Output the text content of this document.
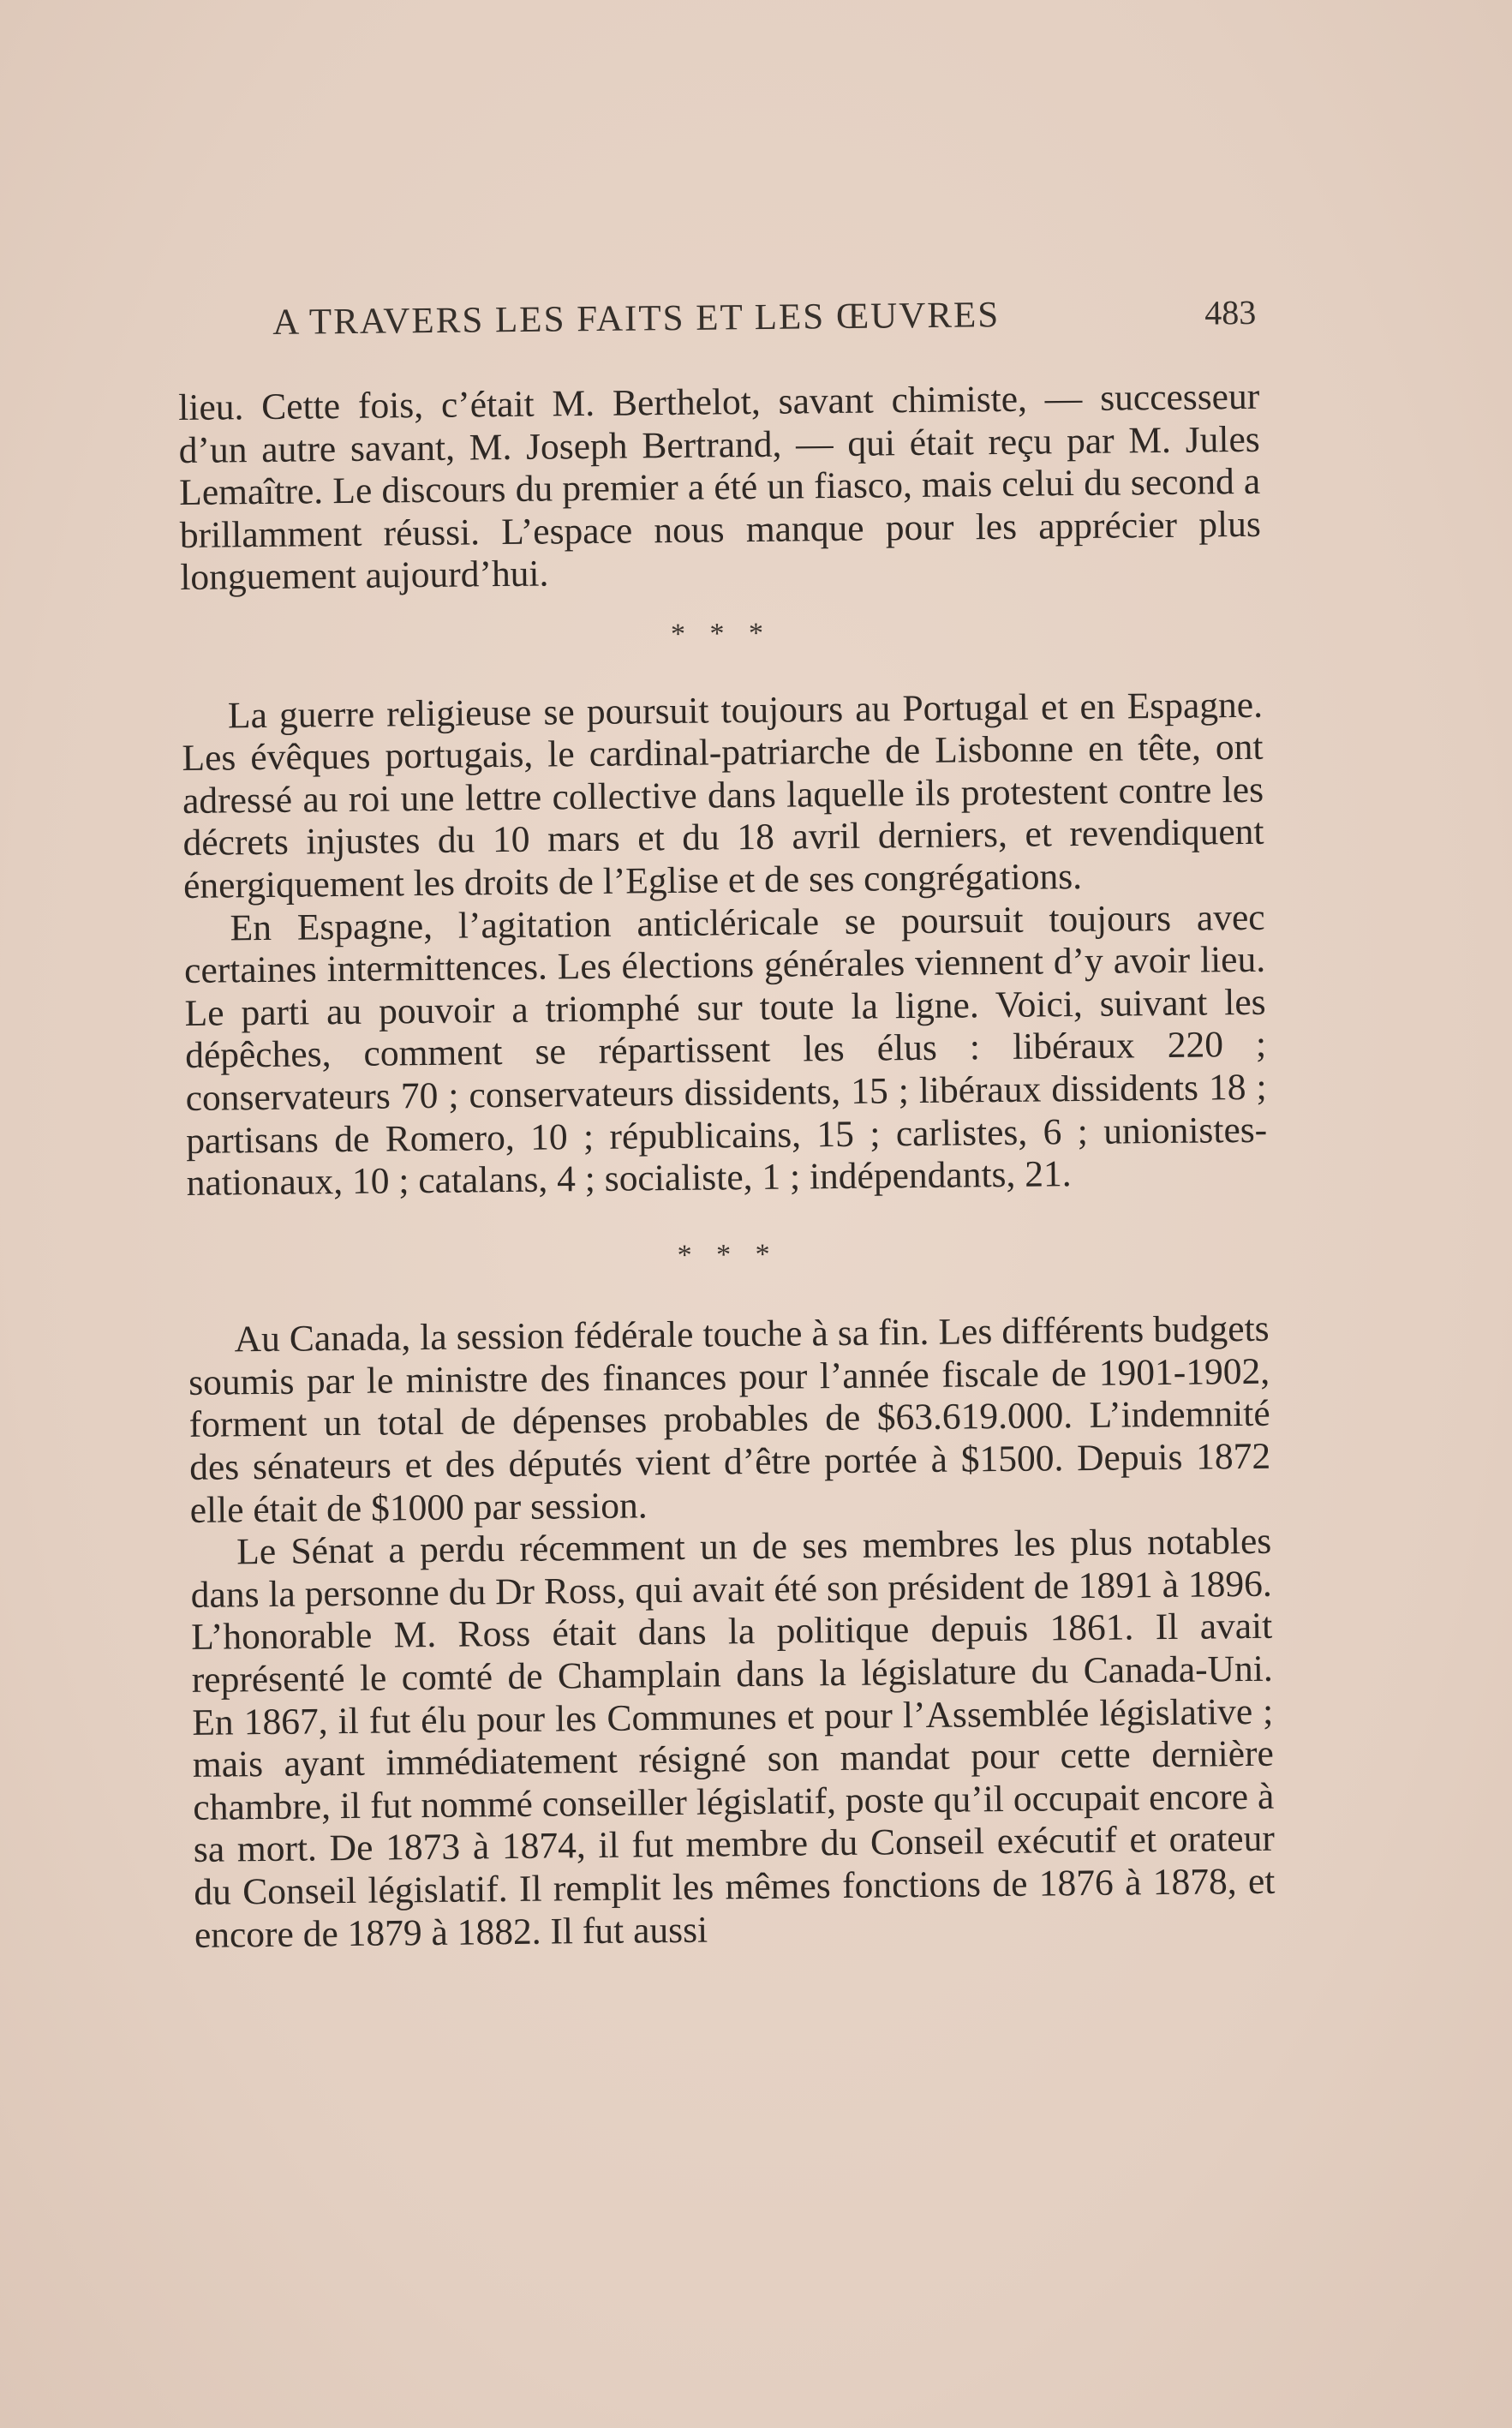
A TRAVERS LES FAITS ET LES ŒUVRES	483

lieu. Cette fois, c’était M. Berthelot, savant chimiste, — successeur d’un autre savant, M. Joseph Bertrand, — qui était reçu par M. Jules Lemaître. Le discours du premier a été un fiasco, mais celui du second a brillamment réussi. L’espace nous manque pour les apprécier plus longuement aujourd’hui.

* * *

La guerre religieuse se poursuit toujours au Portugal et en Espagne. Les évêques portugais, le cardinal-patriarche de Lisbonne en tête, ont adressé au roi une lettre collective dans laquelle ils protestent contre les décrets injustes du 10 mars et du 18 avril derniers, et revendiquent énergiquement les droits de l’Eglise et de ses congrégations.

En Espagne, l’agitation anticléricale se poursuit toujours avec certaines intermittences. Les élections générales viennent d’y avoir lieu. Le parti au pouvoir a triomphé sur toute la ligne. Voici, suivant les dépêches, comment se répartissent les élus : libéraux 220 ; conservateurs 70 ; conservateurs dissidents, 15 ; libéraux dissidents 18 ; partisans de Romero, 10 ; républicains, 15 ; carlistes, 6 ; unionistes-nationaux, 10 ; catalans, 4 ; socialiste, 1 ; indépendants, 21.

* * *

Au Canada, la session fédérale touche à sa fin. Les différents budgets soumis par le ministre des finances pour l’année fiscale de 1901-1902, forment un total de dépenses probables de $63.619.000. L’indemnité des sénateurs et des députés vient d’être portée à $1500. Depuis 1872 elle était de $1000 par session.

Le Sénat a perdu récemment un de ses membres les plus notables dans la personne du Dr Ross, qui avait été son président de 1891 à 1896. L’honorable M. Ross était dans la politique depuis 1861. Il avait représenté le comté de Champlain dans la législature du Canada-Uni. En 1867, il fut élu pour les Communes et pour l’Assemblée législative ; mais ayant immédiatement résigné son mandat pour cette dernière chambre, il fut nommé conseiller législatif, poste qu’il occupait encore à sa mort. De 1873 à 1874, il fut membre du Conseil exécutif et orateur du Conseil législatif. Il remplit les mêmes fonctions de 1876 à 1878, et encore de 1879 à 1882. Il fut aussi
